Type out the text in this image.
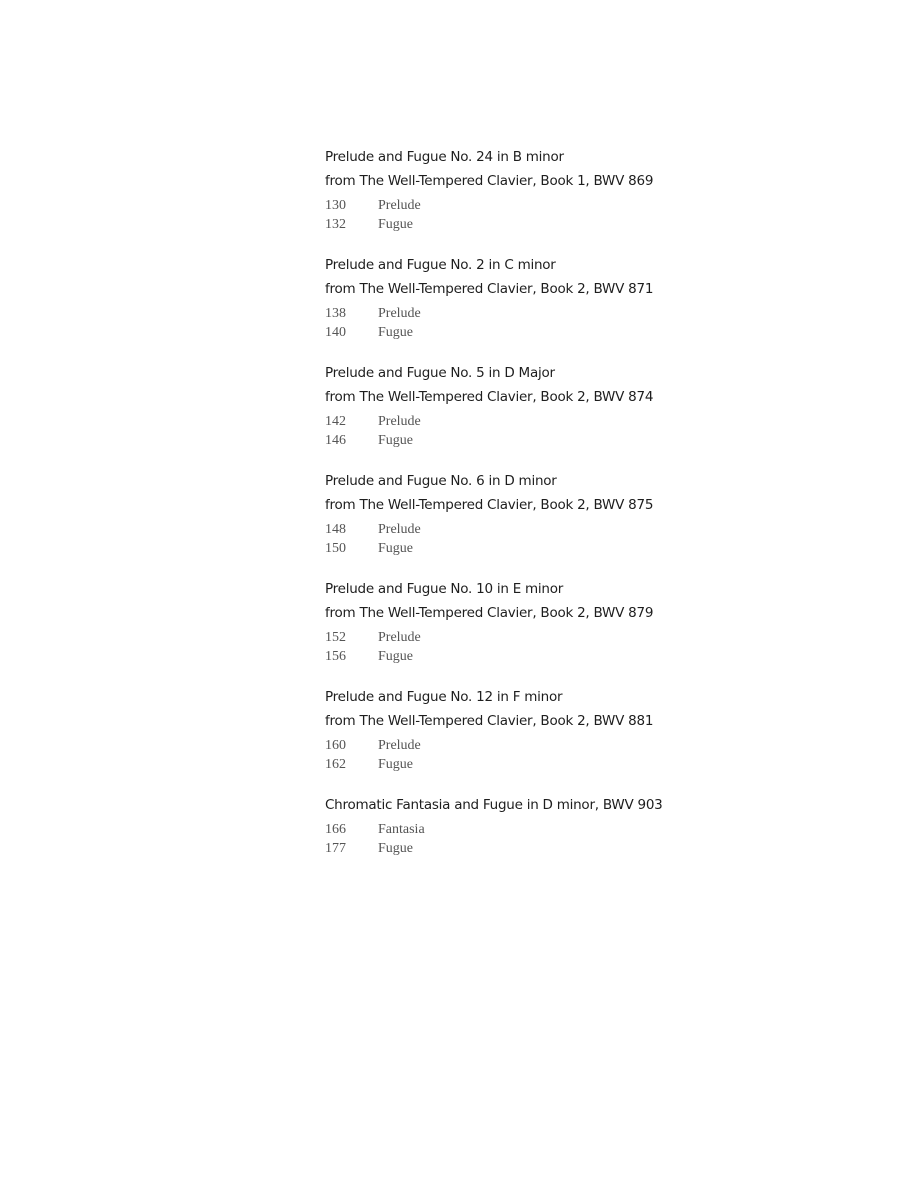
Prelude and Fugue No. 24 in B minor
from The Well-Tempered Clavier, Book 1, BWV 869
130	Prelude
132	Fugue
Prelude and Fugue No. 2 in C minor
from The Well-Tempered Clavier, Book 2, BWV 871
138	Prelude
140	Fugue
Prelude and Fugue No. 5 in D Major
from The Well-Tempered Clavier, Book 2, BWV 874
142	Prelude
146	Fugue
Prelude and Fugue No. 6 in D minor
from The Well-Tempered Clavier, Book 2, BWV 875
148	Prelude
150	Fugue
Prelude and Fugue No. 10 in E minor
from The Well-Tempered Clavier, Book 2, BWV 879
152	Prelude
156	Fugue
Prelude and Fugue No. 12 in F minor
from The Well-Tempered Clavier, Book 2, BWV 881
160	Prelude
162	Fugue
Chromatic Fantasia and Fugue in D minor, BWV 903
166	Fantasia
177	Fugue
